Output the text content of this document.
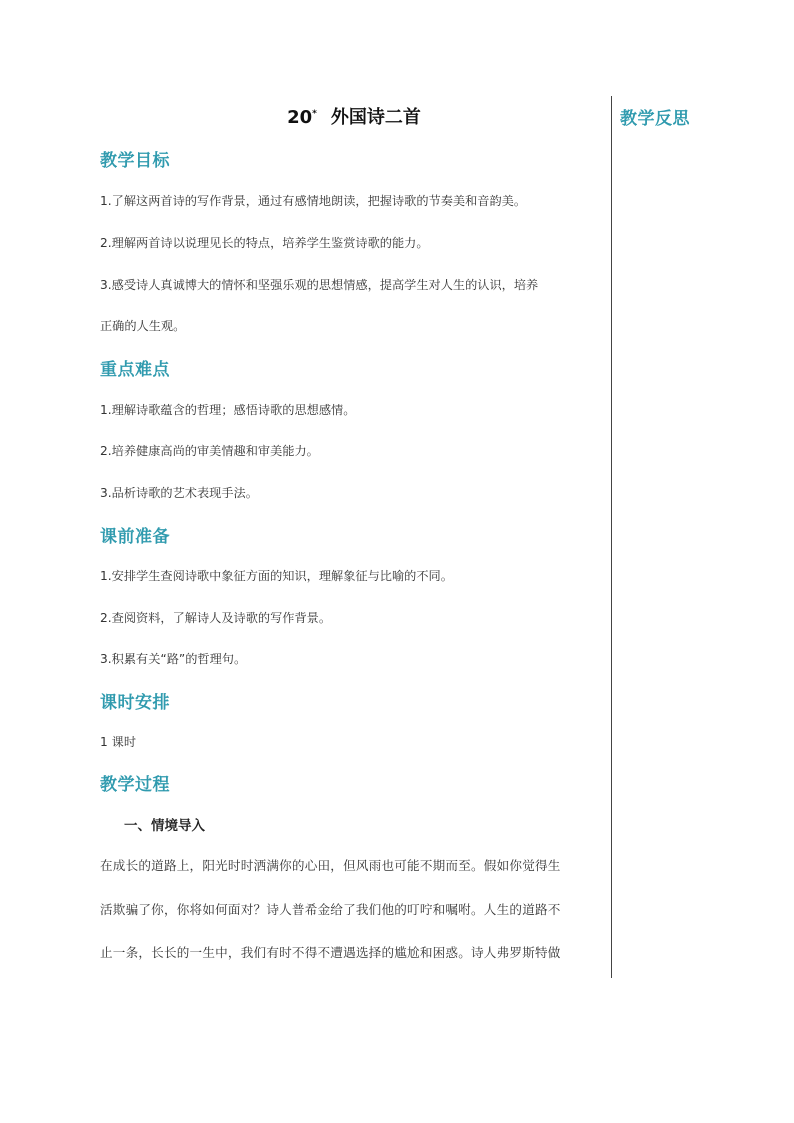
20* 外国诗二首
教学目标
1.了解这两首诗的写作背景，通过有感情地朗读，把握诗歌的节奏美和音韵美。
2.理解两首诗以说理见长的特点，培养学生鉴赏诗歌的能力。
3.感受诗人真诚博大的情怀和坚强乐观的思想情感，提高学生对人生的认识，培养
正确的人生观。
重点难点
1.理解诗歌蕴含的哲理；感悟诗歌的思想感情。
2.培养健康高尚的审美情趣和审美能力。
3.品析诗歌的艺术表现手法。
课前准备
1.安排学生查阅诗歌中象征方面的知识，理解象征与比喻的不同。
2.查阅资料，了解诗人及诗歌的写作背景。
3.积累有关“路”的哲理句。
课时安排
1 课时
教学过程
一、情境导入
在成长的道路上，阳光时时洒满你的心田，但风雨也可能不期而至。假如你觉得生
活欺骗了你，你将如何面对？诗人普希金给了我们他的叮咛和嘱咐。人生的道路不
止一条，长长的一生中，我们有时不得不遭遇选择的尴尬和困惑。诗人弗罗斯特做
教学反思
